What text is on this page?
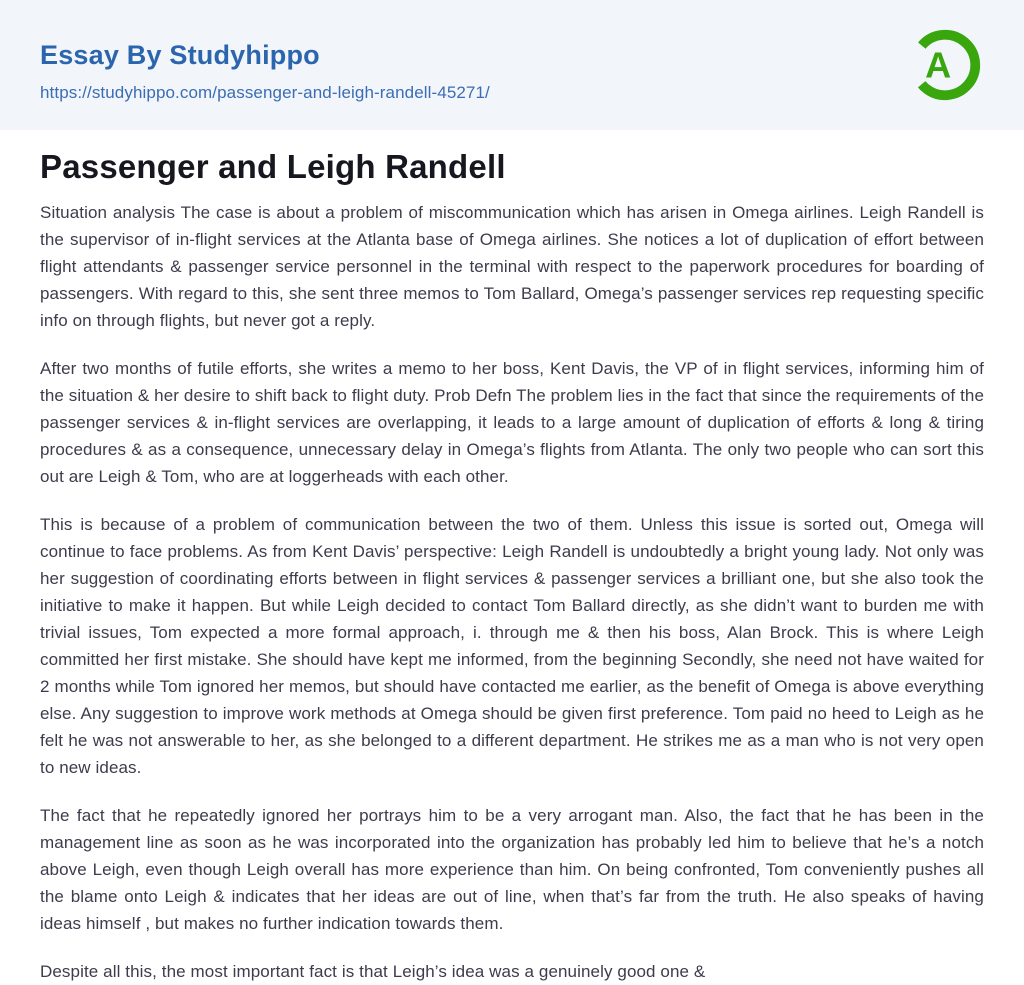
Essay By Studyhippo
https://studyhippo.com/passenger-and-leigh-randell-45271/
A
Passenger and Leigh Randell

Situation analysis The case is about a problem of miscommunication which has arisen in Omega airlines. Leigh Randell is the supervisor of in-flight services at the Atlanta base of Omega airlines. She notices a lot of duplication of effort between flight attendants & passenger service personnel in the terminal with respect to the paperwork procedures for boarding of passengers. With regard to this, she sent three memos to Tom Ballard, Omega’s passenger services rep requesting specific info on through flights, but never got a reply.

After two months of futile efforts, she writes a memo to her boss, Kent Davis, the VP of in flight services, informing him of the situation & her desire to shift back to flight duty. Prob Defn The problem lies in the fact that since the requirements of the passenger services & in-flight services are overlapping, it leads to a large amount of duplication of efforts & long & tiring procedures & as a consequence, unnecessary delay in Omega’s flights from Atlanta. The only two people who can sort this out are Leigh & Tom, who are at loggerheads with each other.

This is because of a problem of communication between the two of them. Unless this issue is sorted out, Omega will continue to face problems. As from Kent Davis’ perspective: Leigh Randell is undoubtedly a bright young lady. Not only was her suggestion of coordinating efforts between in flight services & passenger services a brilliant one, but she also took the initiative to make it happen. But while Leigh decided to contact Tom Ballard directly, as she didn’t want to burden me with trivial issues, Tom expected a more formal approach, i. through me & then his boss, Alan Brock. This is where Leigh committed her first mistake. She should have kept me informed, from the beginning Secondly, she need not have waited for 2 months while Tom ignored her memos, but should have contacted me earlier, as the benefit of Omega is above everything else. Any suggestion to improve work methods at Omega should be given first preference. Tom paid no heed to Leigh as he felt he was not answerable to her, as she belonged to a different department. He strikes me as a man who is not very open to new ideas.

The fact that he repeatedly ignored her portrays him to be a very arrogant man. Also, the fact that he has been in the management line as soon as he was incorporated into the organization has probably led him to believe that he’s a notch above Leigh, even though Leigh overall has more experience than him. On being confronted, Tom conveniently pushes all the blame onto Leigh & indicates that her ideas are out of line, when that’s far from the truth. He also speaks of having ideas himself , but makes no further indication towards them.

Despite all this, the most important fact is that Leigh’s idea was a genuinely good one &
